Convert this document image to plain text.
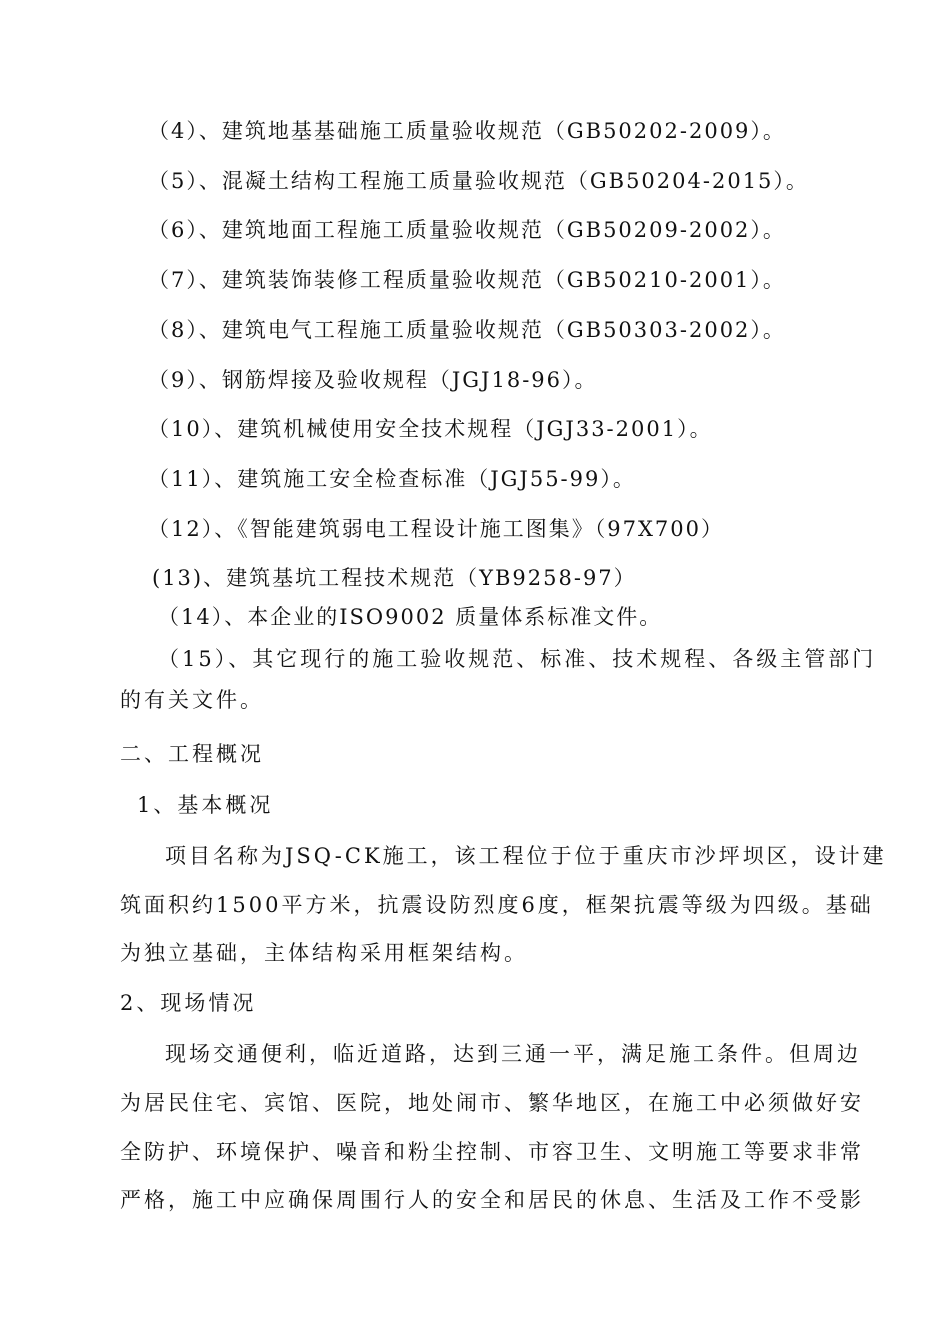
（4）、建筑地基基础施工质量验收规范（GB50202-2009）。
（5）、混凝土结构工程施工质量验收规范（GB50204-2015）。
（6）、建筑地面工程施工质量验收规范（GB50209-2002）。
（7）、建筑装饰装修工程质量验收规范（GB50210-2001）。
（8）、建筑电气工程施工质量验收规范（GB50303-2002）。
（9）、钢筋焊接及验收规程（JGJ18-96）。
（10）、建筑机械使用安全技术规程（JGJ33-2001）。
（11）、建筑施工安全检查标准（JGJ55-99）。
（12）、《智能建筑弱电工程设计施工图集》（97X700）
(13)、建筑基坑工程技术规范（YB9258-97）
（14）、本企业的ISO9002 质量体系标准文件。
（15）、其它现行的施工验收规范、标准、技术规程、各级主管部门
的有关文件。
二、工程概况
1、基本概况
项目名称为JSQ-CK施工，该工程位于位于重庆市沙坪坝区，设计建
筑面积约1500平方米，抗震设防烈度6度，框架抗震等级为四级。基础
为独立基础，主体结构采用框架结构。
2、现场情况
现场交通便利，临近道路，达到三通一平，满足施工条件。但周边
为居民住宅、宾馆、医院，地处闹市、繁华地区，在施工中必须做好安
全防护、环境保护、噪音和粉尘控制、市容卫生、文明施工等要求非常
严格，施工中应确保周围行人的安全和居民的休息、生活及工作不受影
